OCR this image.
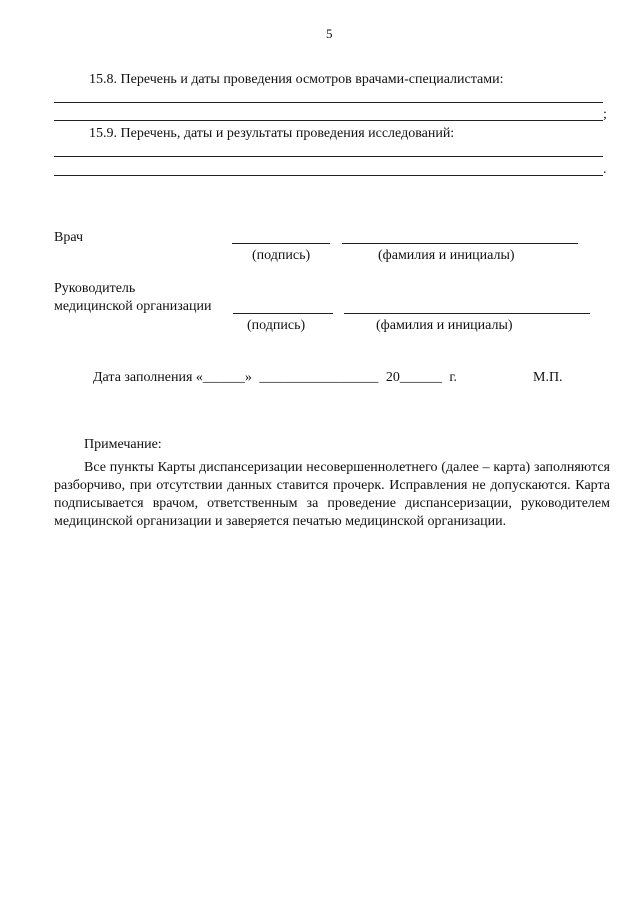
5
15.8. Перечень и даты проведения осмотров врачами-специалистами:
;
15.9. Перечень, даты и результаты проведения исследований:
.
Врач
(подпись)	(фамилия и инициалы)
Руководитель
медицинской организации
(подпись)	(фамилия и инициалы)
Дата заполнения «______» _________________ 20______ г.	М.П.
Примечание:

Все пункты Карты диспансеризации несовершеннолетнего (далее – карта) заполняются разборчиво, при отсутствии данных ставится прочерк. Исправления не допускаются. Карта подписывается врачом, ответственным за проведение диспансеризации, руководителем медицинской организации и заверяется печатью медицинской организации.
